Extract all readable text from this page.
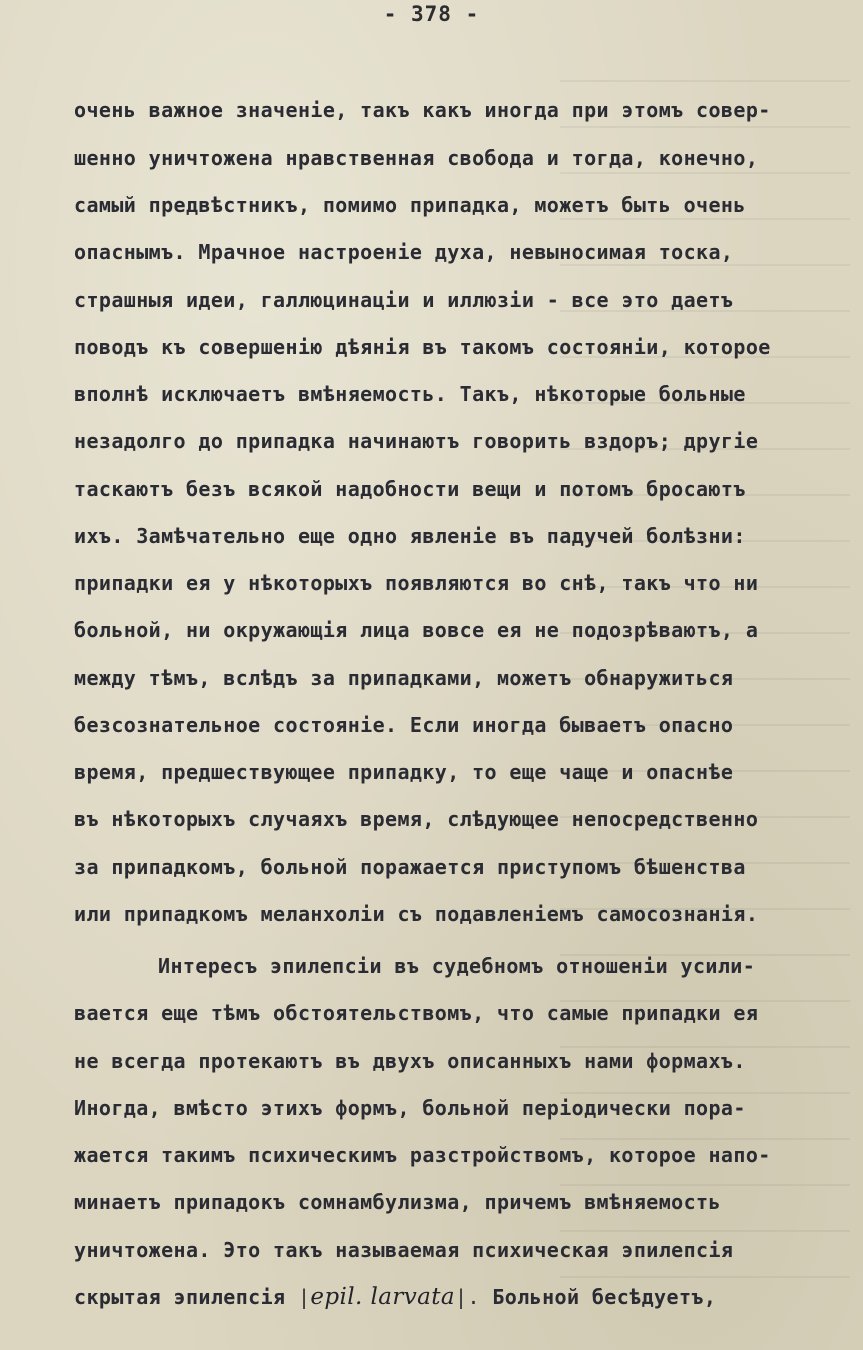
- 378 -
очень важное значеніе, такъ какъ иногда при этомъ совер-
шенно уничтожена нравственная свобода и тогда, конечно,
самый предвѣстникъ, помимо припадка, можетъ быть очень
опаснымъ. Мрачное настроеніе духа, невыносимая тоска,
страшныя идеи, галлюцинаціи и иллюзіи - все это даетъ
поводъ къ совершенію дѣянія въ такомъ состояніи, которое
вполнѣ исключаетъ вмѣняемость. Такъ, нѣкоторые больные
незадолго до припадка начинаютъ говорить вздоръ; другіе
таскаютъ безъ всякой надобности вещи и потомъ бросаютъ
ихъ. Замѣчательно еще одно явленіе въ падучей болѣзни:
припадки ея у нѣкоторыхъ появляются во снѣ, такъ что ни
больной, ни окружающія лица вовсе ея не подозрѣваютъ, а
между тѣмъ, вслѣдъ за припадками, можетъ обнаружиться
безсознательное состояніе. Если иногда бываетъ опасно
время, предшествующее припадку, то еще чаще и опаснѣе
въ нѣкоторыхъ случаяхъ время, слѣдующее непосредственно
за припадкомъ, больной поражается приступомъ бѣшенства
или припадкомъ меланхоліи съ подавленіемъ самосознанія.
Интересъ эпилепсіи въ судебномъ отношеніи усили-
вается еще тѣмъ обстоятельствомъ, что самые припадки ея
не всегда протекаютъ въ двухъ описанныхъ нами формахъ.
Иногда, вмѣсто этихъ формъ, больной періодически пора-
жается такимъ психическимъ разстройствомъ, которое напо-
минаетъ припадокъ сомнамбулизма, причемъ вмѣняемость
уничтожена. Это такъ называемая психическая эпилепсія
скрытая эпилепсія |epil. larvata|. Больной бесѣдуетъ,
